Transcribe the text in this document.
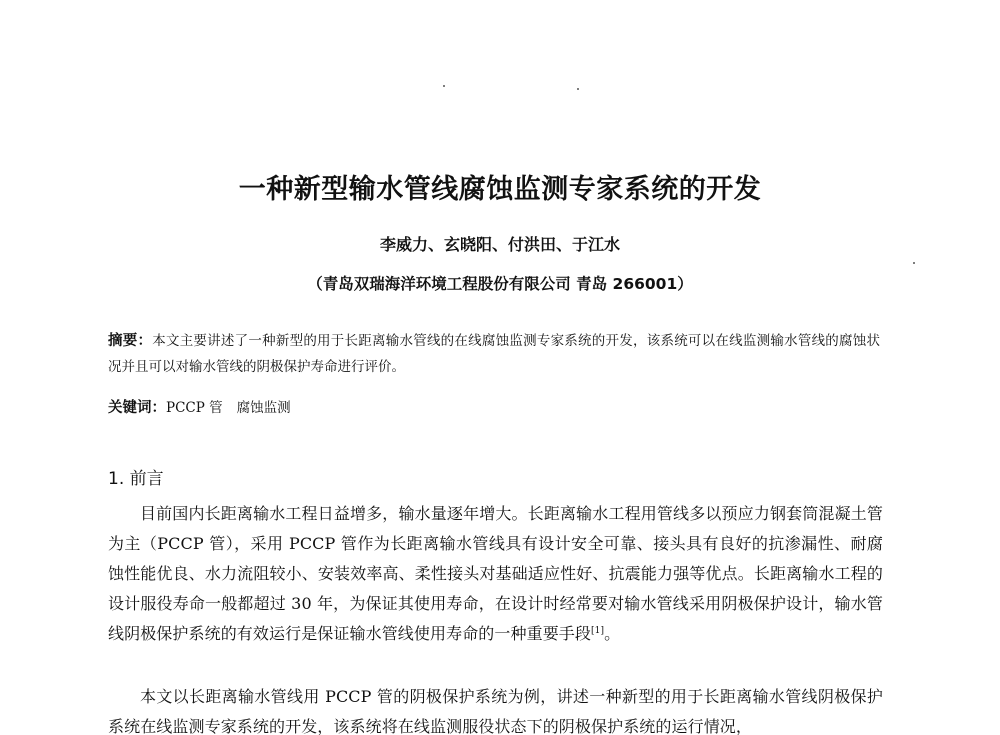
一种新型输水管线腐蚀监测专家系统的开发
李威力、玄晓阳、付洪田、于江水
（青岛双瑞海洋环境工程股份有限公司 青岛 266001）
摘要：本文主要讲述了一种新型的用于长距离输水管线的在线腐蚀监测专家系统的开发，该系统可以在线监测输水管线的腐蚀状况并且可以对输水管线的阴极保护寿命进行评价。
关键词：PCCP 管 腐蚀监测
1. 前言
目前国内长距离输水工程日益增多，输水量逐年增大。长距离输水工程用管线多以预应力钢套筒混凝土管为主（PCCP 管），采用 PCCP 管作为长距离输水管线具有设计安全可靠、接头具有良好的抗渗漏性、耐腐蚀性能优良、水力流阻较小、安装效率高、柔性接头对基础适应性好、抗震能力强等优点。长距离输水工程的设计服役寿命一般都超过 30 年，为保证其使用寿命，在设计时经常要对输水管线采用阴极保护设计，输水管线阴极保护系统的有效运行是保证输水管线使用寿命的一种重要手段[1]。
本文以长距离输水管线用 PCCP 管的阴极保护系统为例，讲述一种新型的用于长距离输水管线阴极保护系统在线监测专家系统的开发，该系统将在线监测服役状态下的阴极保护系统的运行情况，
